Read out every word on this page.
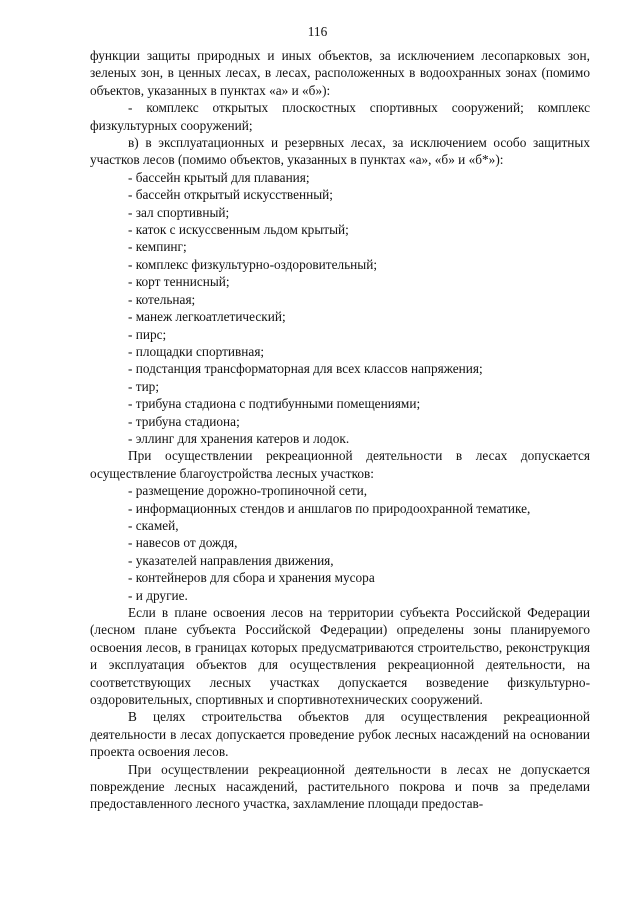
116

функции защиты природных и иных объектов, за исключением лесопарковых зон, зеленых зон, в ценных лесах, в лесах, расположенных в водоохранных зонах (помимо объектов, указанных в пунктах «а» и «б»):

- комплекс открытых плоскостных спортивных сооружений; комплекс физкультурных сооружений;

в) в эксплуатационных и резервных лесах, за исключением особо защитных участков лесов (помимо объектов, указанных в пунктах «а», «б» и «б*»):

- бассейн крытый для плавания;

- бассейн открытый искусственный;

- зал спортивный;

- каток с искуссвенным льдом крытый;

- кемпинг;

- комплекс физкультурно-оздоровительный;

- корт теннисный;

- котельная;

- манеж легкоатлетический;

- пирс;

- площадки спортивная;

- подстанция трансформаторная для всех классов напряжения;

- тир;

- трибуна стадиона с подтибунными помещениями;

- трибуна стадиона;

- эллинг для хранения катеров и лодок.

При осуществлении рекреационной деятельности в лесах допускается осуществление благоустройства лесных участков:

- размещение дорожно-тропиночной сети,

- информационных стендов и аншлагов по природоохранной тематике,

- скамей,

- навесов от дождя,

- указателей направления движения,

- контейнеров для сбора и хранения мусора

- и другие.

Если в плане освоения лесов на территории субъекта Российской Федерации (лесном плане субъекта Российской Федерации) определены зоны планируемого освоения лесов, в границах которых предусматриваются строительство, реконструкция и эксплуатация объектов для осуществления рекреационной деятельности, на соответствующих лесных участках допускается возведение физкультурно-оздоровительных, спортивных и спортивнотехнических сооружений.

В целях строительства объектов для осуществления рекреационной деятельности в лесах допускается проведение рубок лесных насаждений на основании проекта освоения лесов.

При осуществлении рекреационной деятельности в лесах не допускается повреждение лесных насаждений, растительного покрова и почв за пределами предоставленного лесного участка, захламление площади предостав-
